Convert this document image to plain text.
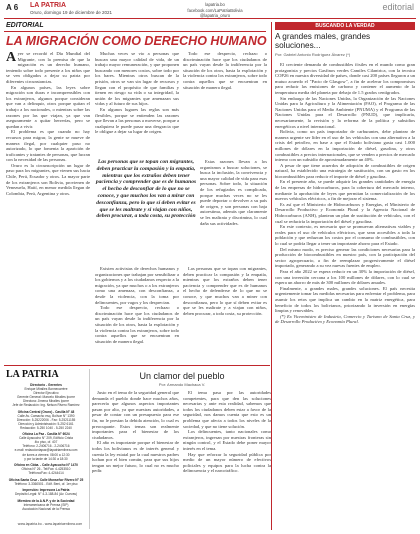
A 6 LA PATRIA
Oruro, domingo 19 de diciembre de 2021
lapatria.bo
facebook.com/LaPatriaBolivia
@lapatria_oruro
editorial
EDITORIAL
LA MIGRACIÓN COMO DERECHO HUMANO

Ayer se recordó el Día Mundial del Migrante, con la premisa de que la migración es un derecho humano, teniendo sobre todo presente a los niños que se ven obligados a dejar su patria por diferentes circunstancias.

En algunos países, las leyes sobre migración son duras e incomprensibles con los extranjeros, algunos porque consideran que van a delinquir, otros porque quitan el trabajo a los nacionales, o mientras sobre las razones por las que viajan, ya que van aseguramente a quitar herrerías, pero se quedan a vivir.

El problema es que cuando no hay recursos para migrar, la gente se mueve de manera ilegal, por cualquier paso no autorizado, lo que fomenta la aparición de traficantes y tratantes de personas, que lucran con la necesidad de las personas.

Oruro es la circunscripción un lugar de paso para los migrantes, que vienen sus hacia Chile, Perú, Ecuador y otros. La mayor parte de los extranjeros son Bolivia, provienen de Venezuela, Haití, en menor medida llegan de Colombia, Perú, Argentina y otros.

Muchas veces se vio a personas que buscan una mayor calidad de vida, de un trabajo mayor remuneración, y que proponen buscando con menores costos, sobre todo por los bares. Mientras otros buscan de la prisión, otros se van sin lugar de recursos y llegan con el propósito de que familias y tienen en riesgo su vida o su integridad, la unión de los migrantes que amenazan sus vidas y al futuro de sus hijos.

En algunos lugares las reglas son más flexibles, porque se entienden las razones que llevan a las personas a moverse, porque a cualquiera le puede pasar una desgracia que le obligue a dejar su lugar de origen.

Las personas que se topan con migrantes, deben practicar la compasión y la empatía, mientras que los extraños deben tener paciencia y comprender que es de humanos el hecho de desconfiar de lo que no se conoce, y que muchos los van a mirar con desconfianza, pero lo que sí deben evitar es que se les maltrate y si viajan con niños, deben procurar, a toda costa, su protección

Existen activistas de derechos humanos y organizaciones que trabajan por sensibilizar a los gobiernos y a los ciudadanos respecto a la migración, ya que muchos o a los extranjeros como una amenaza, con desconfianza, a desde la violencia, con la toma por delincuentes, por vagos y los desprecian.

Todo ese desprecio, rechazo o discriminación hace que los ciudadanos de un país vayan desde la indiferencia por la situación de los otros, hasta la explotación y la violencia contra los extranjeros, sobre todo contra aquellos que se encuentran en situación de manera ilegal.

Todo ese desprecio, rechazo o discriminación hace que los ciudadanos de un país vayan desde la indiferencia por la situación de los otros, hasta la explotación y la violencia contra los extranjeros, sobre todo contra aquellos que se encuentran en situación de manera ilegal.

Estas razones llevan a los organismos a buscar soluciones, se busca la inclusión, la convivencia y una mayor calidad de vida para esas personas. Sobre todo, la situación de los refugiados es complicada, porque muchas veces no se les puede deportar o devolver a su país de origen, y son personas con baja autoestima, además que claramente se les maltrata y discrimina, lo cual daña sus actividades.

Las personas que se topan con migrantes, deben practicar la compasión y la empatía, mientras que los extraños deben tener paciencia y comprender que es de humanos el hecho de defenderse de lo que no se conoce, y que muchos van a miner con desconfianza, pero lo que sí deben evitar es que se les maltrate y a viajan con niños, deben procurar, a toda costa, su protección.

BUSCANDO LA VERDAD
A grandes males, grandes soluciones...
Por: Gabriel Antonio Rodríguez Álvarez (*)

El creciente demanda de combustibles fósiles en el mundo como gran protagonista y precios Gasfinos verdes Camiles Cilantrica, con la tecnica COP26 en nuestra diversidad de países, donde casi 200 países llegaron a un mutuo acuerdo el "Pacto de Glasgow", a fin de acelerar los compromisos para reducir las emisiones de carbono y contener el aumento de la temperatura media del planeta por debajo de 1.5 grados centígrados.

Sin embargo de las Naciones Unidas, la Organización de las Naciones Unidas para la Agricultura y la Alimentación (FAO), el Programa de las Naciones Unidas para el Medio Ambiente (PNUMA) y el Programa de las Naciones Unidas para el Desarrollo (PNUD), que implicaría, necesariamente, la revisión y la reforma de la política y subsidios energéticos a nivel internacional.

Bolivia, como un país importador de carburantes, debe plantear de manera urgente ser líder en el uso de los vehículos con una alternativa a la crisis del petróleo, en base a que el Estado boliviano gasta casi 1.000 millones de dólares en la importación de diésel, gasolina, y otros combustibles a precios internacionales, que se venden a precios de mercado interno con un subsidio de aproximadamente un 40%.

A pesar de que tiene acuerdos de adopción de combustibles de origen natural, ha establecido una estrategia de sustitución, con un gasto en los biocombustibles para reducir el importe de diésel y gasolina.

En el presente año, se puede adquirir las grandes cantidades de energía de las empresas de hidrocarburos, para la cobertura del mercado interno, mediante la aprobación de leyes que permitan la comercialización de los nuevos vehículos eléctricos, a fin de mejorar el sistema.

Es así que el Ministerio de Hidrocarburos y Energías, el Ministerio de Desarrollo Productivo y Economía Plural y la Agencia Nacional de Hidrocarburos (ANH), plantean un plan de sustitución de vehículos, con el cual se reduciría la importación del diésel y gasolina.

En este contexto, es necesario que se promuevan alternativas viables y reales para el uso de vehículos eléctricos, que sean accesibles a toda la población y que reduzcan los costos por el consumo de combustibles, con lo cual se podría llegar a tener un importante ahorro para el Estado.

Del mismo modo, es preciso generar las condiciones necesarias para la producción de biocombustibles en nuestro país, con la participación del sector agropecuario, a fin de reemplazar progresivamente el diésel importado, generando a su vez nuevas fuentes de empleo.

Para el año 2022 se espera reducir en un 30% la importación de diésel, con una inversión cercana a los 100 millones de dólares, con lo cual se espera un ahorro de más de 300 millones de dólares anuales.

Finalmente, a grandes males, grandes soluciones. El país necesita urgentemente tomar las medidas necesarias para enfrentar el problema, para asumir los retos que implica un cambio en la matriz energética, para beneficio de todos los bolivianos, priorizando la inversión en energías limpias y renovables.

(*) Ex Viceministro de Industria, Comercio y Turismo de Santa Cruz, y de Desarrollo Productivo y Economía Plural.

LA PATRIA
Directorio - Gerentes
Enrique Miralles Bonnecarrère
Director Ejecutivo
Gerente General: Marcelo Miralles Iporre
Directora: Jimena Miralles Iporre
Jefe de Redacción: Ing. Nelson Rivero Ramírez
Oficina Central (Oruro) - Casilla N° 48
Calle Av. Camacho esq. Bolívar N° 1390
Dirección: 5-25222006 - Fax: 5-25211155
Dirección y Administración: 5-252 6161
Redacción: 5-250 1040 - 5-250 2240
Oficina La Paz - Casilla N° 6024
Calle Ayacucho N° 209, Edificio Crista
4to piso, of. 407
Teléfono: 2-2406716 - 2-2406716
e-mail: redaccionlapaz@lapatriaenlinea.com
de lunes a viernes: 08:00 a 12:30
y por la tarde de 14:30 a 18:30
Oficina en Cbba. - Calle Ayacucho N° 1470
Oficina N° 26 - Tel/Fax: 4-4253510
Teléfono/Fax: 4-4244414
Oficina Santa Cruz - Calle Monseñor Rivero N° 25
Teléfono: 3-3360501 - Edif. Beni, of. 1er piso
Impresión: Impresora La Patria
Depósito Legal: N° 4-3-188-84 (Av. Cuevas)
Miembro de la A.N.P. y de la Sociedad
Interamericana de Prensa (SIP)
Asociación Nacional de la Prensa
www.lapatria.bo - www.lapatriaenlinea.com
Un clamor del pueblo
Por: Armando Machaca V.

Justo en el tema de la seguridad general que demanda el pueblo donde hace muchos años, parecería que algunos aspectos importantes pasan por alto, ya que nuestras autoridades, a pesar de contar con un presupuesto para ese fin, no le prestan la debida atención, lo cual es preocupante. Estos temas son realmente importantes para el bienestar de los ciudadanos.

El año es importante porque el bienestar de todos los bolivianos es de interés general y cuenta la ley estatal por la cual nuestros padres luchan por el bien común, para que sus hijos tengan un mejor futuro, lo cual no es mucho pedir.

El tema pasa por las autoridades competentes, para que den las soluciones necesarias y ante esta realidad, sabemos que todos los ciudadanos deben estar a favor de la seguridad, nos damos cuenta que esto es un problema que afecta a todos los niveles de la sociedad, y que no tiene solución.

Los delincuentes, tanto nacionales como extranjeros, ingresan por nuestras fronteras sin ningún control, y el Estado debe poner mayor interés en el tema.

Hay que reforzar la seguridad pública por medio de un mayor número de efectivos policiales y equipos para la lucha contra la delincuencia y el narcotráfico.
